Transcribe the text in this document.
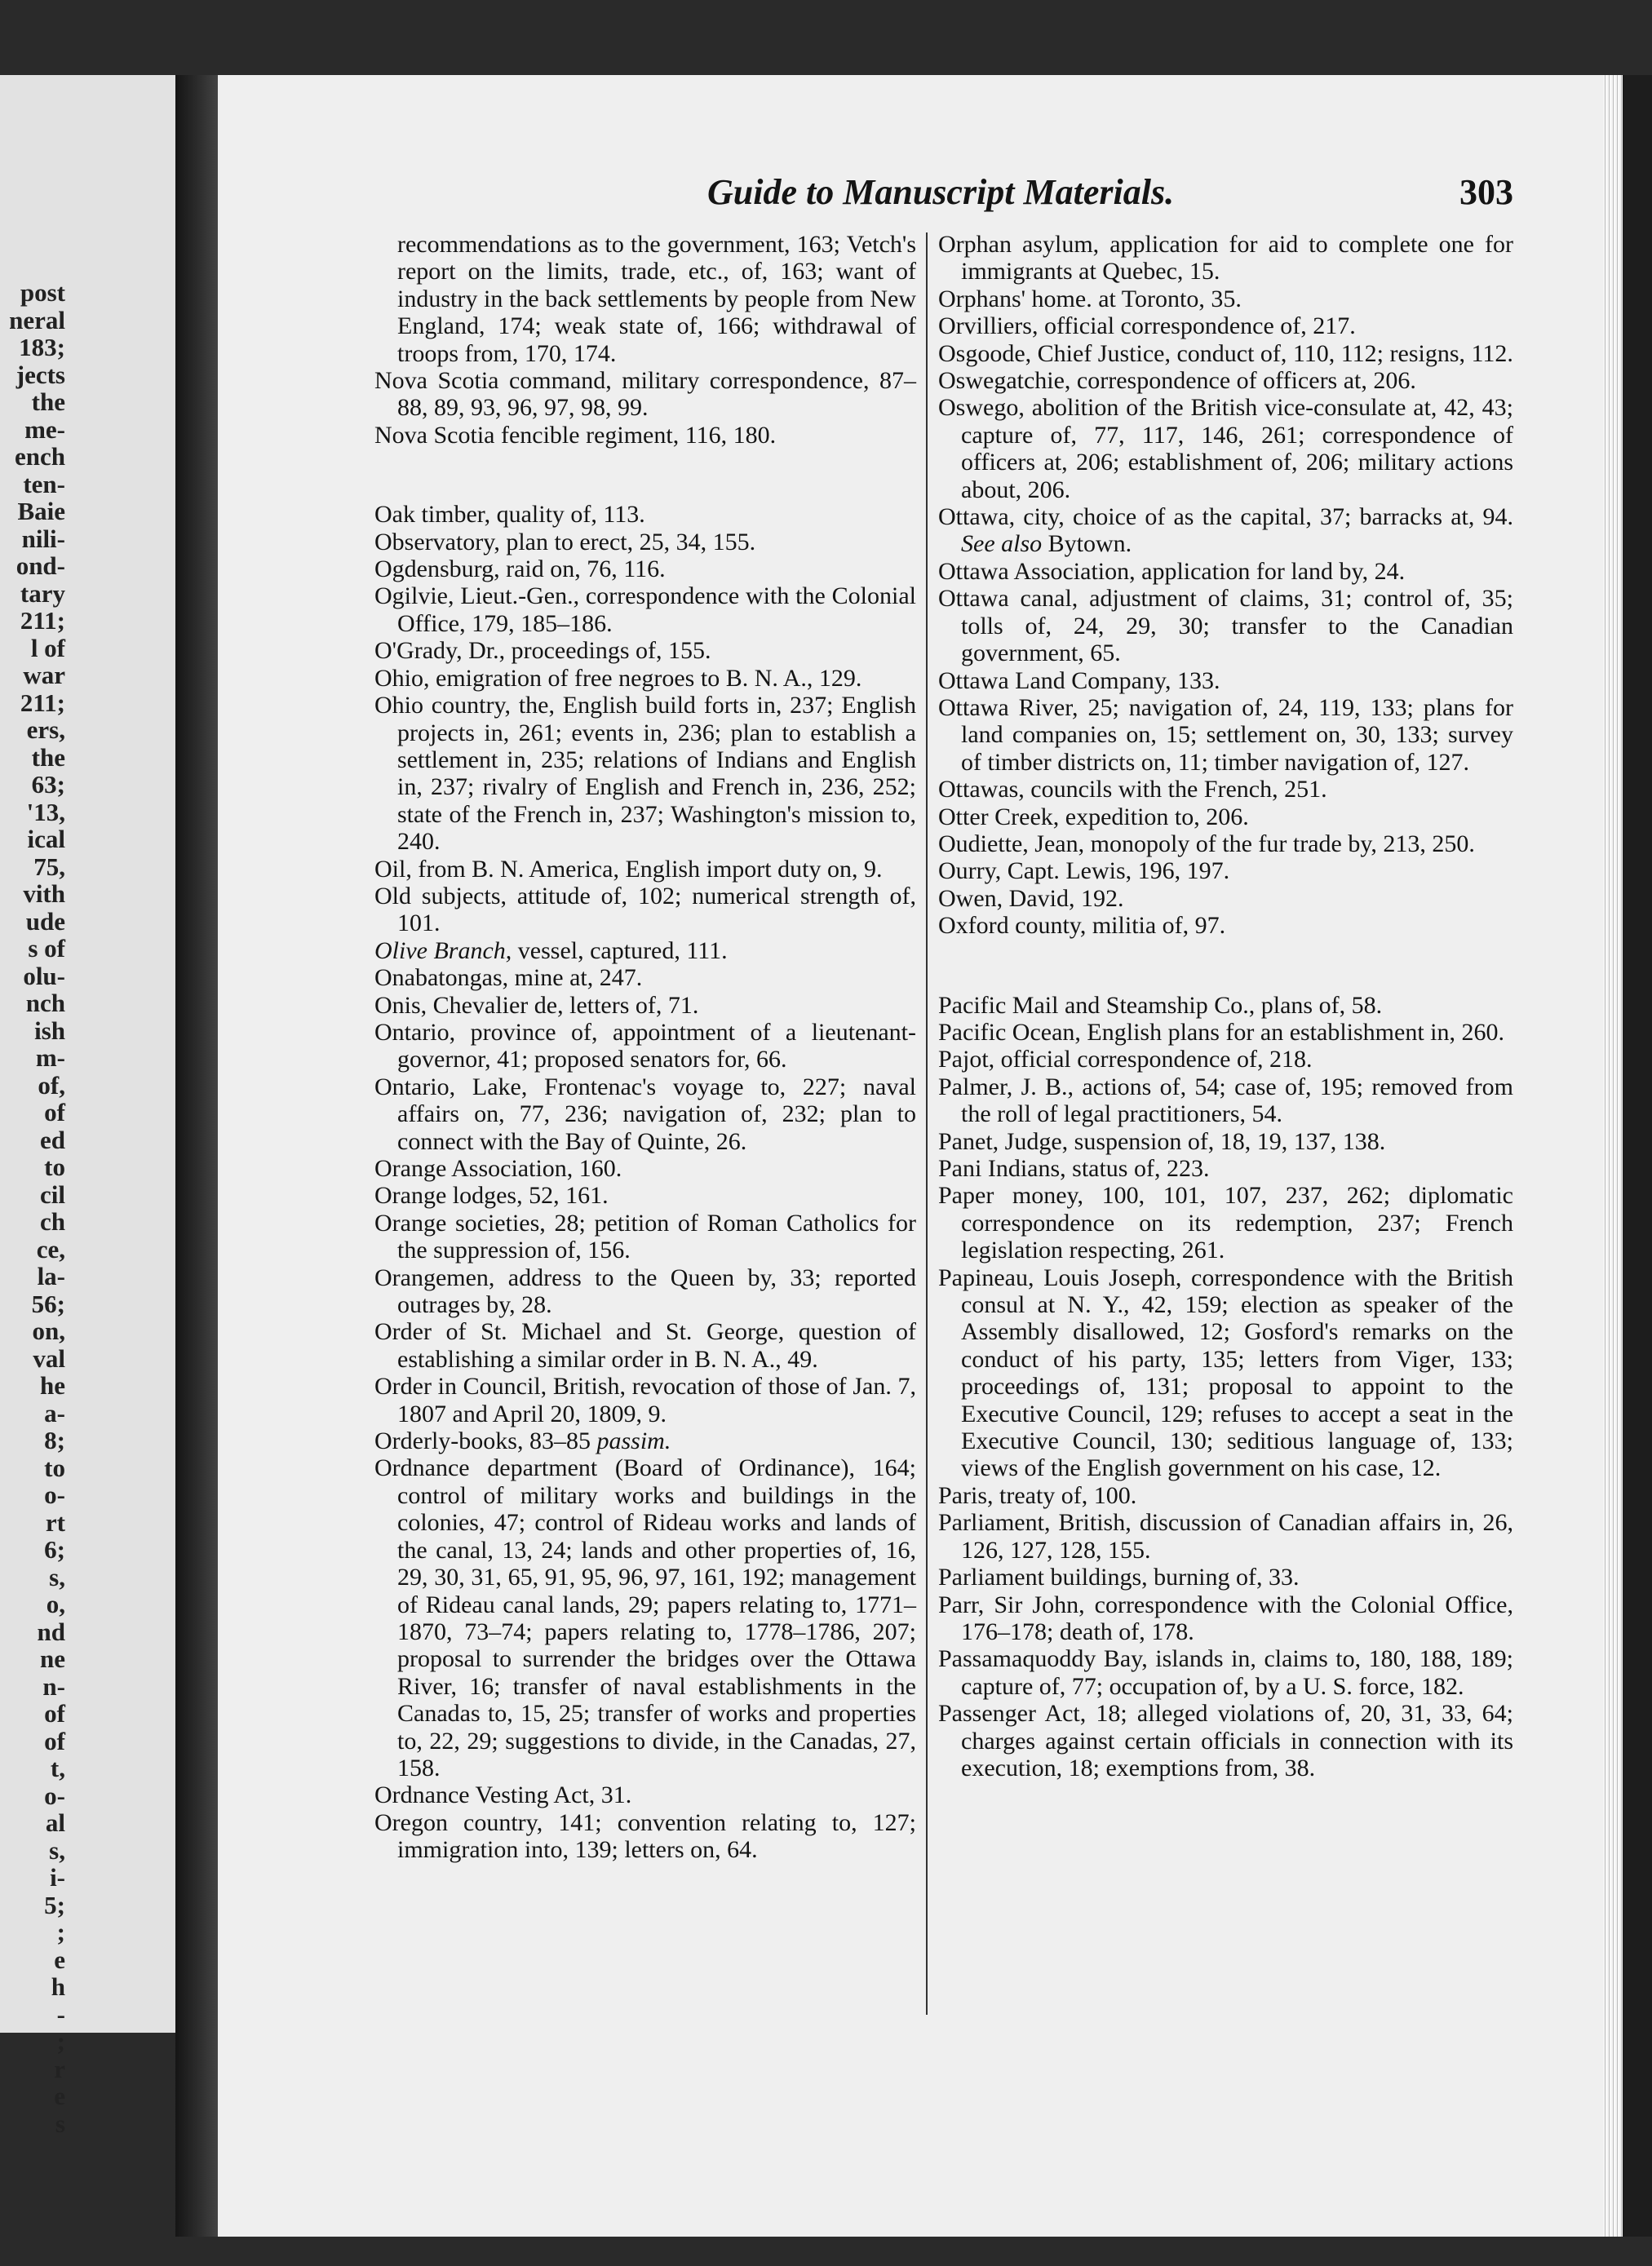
post
neral
183;
jects
the
me-
ench
ten-
Baie
nili-
ond-
tary
211;
l of
war
211;
ers,
the
63;
'13,
ical
75,
vith
ude
s of
olu-
nch
ish
m-
of,
of
ed
to
cil
ch
ce,
la-
56;
on,
val
he
a-
8;
to
o-
rt
6;
s,
o,
nd
ne
n-
of
of
t,
o-
al
s,
i-
5;
;
e
h
-
;
r
e
s
Guide to Manuscript Materials.	303

recommendations as to the government, 163; Vetch's report on the limits, trade, etc., of, 163; want of industry in the back settlements by people from New England, 174; weak state of, 166; withdrawal of troops from, 170, 174.

Nova Scotia command, military correspondence, 87–88, 89, 93, 96, 97, 98, 99.

Nova Scotia fencible regiment, 116, 180.

Oak timber, quality of, 113.

Observatory, plan to erect, 25, 34, 155.

Ogdensburg, raid on, 76, 116.

Ogilvie, Lieut.-Gen., correspondence with the Colonial Office, 179, 185–186.

O'Grady, Dr., proceedings of, 155.

Ohio, emigration of free negroes to B. N. A., 129.

Ohio country, the, English build forts in, 237; English projects in, 261; events in, 236; plan to establish a settlement in, 235; relations of Indians and English in, 237; rivalry of English and French in, 236, 252; state of the French in, 237; Washington's mission to, 240.

Oil, from B. N. America, English import duty on, 9.

Old subjects, attitude of, 102; numerical strength of, 101.

Olive Branch, vessel, captured, 111.

Onabatongas, mine at, 247.

Onis, Chevalier de, letters of, 71.

Ontario, province of, appointment of a lieutenant-governor, 41; proposed senators for, 66.

Ontario, Lake, Frontenac's voyage to, 227; naval affairs on, 77, 236; navigation of, 232; plan to connect with the Bay of Quinte, 26.

Orange Association, 160.

Orange lodges, 52, 161.

Orange societies, 28; petition of Roman Catholics for the suppression of, 156.

Orangemen, address to the Queen by, 33; reported outrages by, 28.

Order of St. Michael and St. George, question of establishing a similar order in B. N. A., 49.

Order in Council, British, revocation of those of Jan. 7, 1807 and April 20, 1809, 9.

Orderly-books, 83–85 passim.

Ordnance department (Board of Ordinance), 164; control of military works and buildings in the colonies, 47; control of Rideau works and lands of the canal, 13, 24; lands and other properties of, 16, 29, 30, 31, 65, 91, 95, 96, 97, 161, 192; management of Rideau canal lands, 29; papers relating to, 1771–1870, 73–74; papers relating to, 1778–1786, 207; proposal to surrender the bridges over the Ottawa River, 16; transfer of naval establishments in the Canadas to, 15, 25; transfer of works and properties to, 22, 29; suggestions to divide, in the Canadas, 27, 158.

Ordnance Vesting Act, 31.

Oregon country, 141; convention relating to, 127; immigration into, 139; letters on, 64.

Orphan asylum, application for aid to complete one for immigrants at Quebec, 15.

Orphans' home. at Toronto, 35.

Orvilliers, official correspondence of, 217.

Osgoode, Chief Justice, conduct of, 110, 112; resigns, 112.

Oswegatchie, correspondence of officers at, 206.

Oswego, abolition of the British vice-consulate at, 42, 43; capture of, 77, 117, 146, 261; correspondence of officers at, 206; establishment of, 206; military actions about, 206.

Ottawa, city, choice of as the capital, 37; barracks at, 94. See also Bytown.

Ottawa Association, application for land by, 24.

Ottawa canal, adjustment of claims, 31; control of, 35; tolls of, 24, 29, 30; transfer to the Canadian government, 65.

Ottawa Land Company, 133.

Ottawa River, 25; navigation of, 24, 119, 133; plans for land companies on, 15; settlement on, 30, 133; survey of timber districts on, 11; timber navigation of, 127.

Ottawas, councils with the French, 251.

Otter Creek, expedition to, 206.

Oudiette, Jean, monopoly of the fur trade by, 213, 250.

Ourry, Capt. Lewis, 196, 197.

Owen, David, 192.

Oxford county, militia of, 97.

Pacific Mail and Steamship Co., plans of, 58.

Pacific Ocean, English plans for an establishment in, 260.

Pajot, official correspondence of, 218.

Palmer, J. B., actions of, 54; case of, 195; removed from the roll of legal practitioners, 54.

Panet, Judge, suspension of, 18, 19, 137, 138.

Pani Indians, status of, 223.

Paper money, 100, 101, 107, 237, 262; diplomatic correspondence on its redemption, 237; French legislation respecting, 261.

Papineau, Louis Joseph, correspondence with the British consul at N. Y., 42, 159; election as speaker of the Assembly disallowed, 12; Gosford's remarks on the conduct of his party, 135; letters from Viger, 133; proceedings of, 131; proposal to appoint to the Executive Council, 129; refuses to accept a seat in the Executive Council, 130; seditious language of, 133; views of the English government on his case, 12.

Paris, treaty of, 100.

Parliament, British, discussion of Canadian affairs in, 26, 126, 127, 128, 155.

Parliament buildings, burning of, 33.

Parr, Sir John, correspondence with the Colonial Office, 176–178; death of, 178.

Passamaquoddy Bay, islands in, claims to, 180, 188, 189; capture of, 77; occupation of, by a U. S. force, 182.

Passenger Act, 18; alleged violations of, 20, 31, 33, 64; charges against certain officials in connection with its execution, 18; exemptions from, 38.
